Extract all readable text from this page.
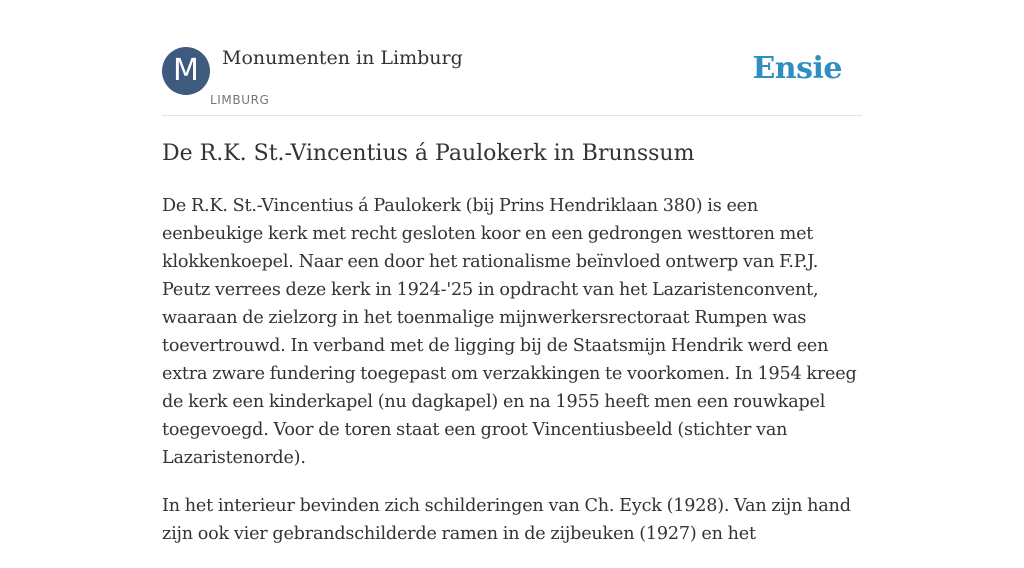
M	Monumenten in Limburg
LIMBURG
Ensie
De R.K. St.-Vincentius á Paulokerk in Brunssum

De R.K. St.-Vincentius á Paulokerk (bij Prins Hendriklaan 380) is een eenbeukige kerk met recht gesloten koor en een gedrongen westtoren met klokkenkoepel. Naar een door het rationalisme beïnvloed ontwerp van F.P.J. Peutz verrees deze kerk in 1924-'25 in opdracht van het Lazaristenconvent, waaraan de zielzorg in het toenmalige mijnwerkersrectoraat Rumpen was toevertrouwd. In verband met de ligging bij de Staatsmijn Hendrik werd een extra zware fundering toegepast om verzakkingen te voorkomen. In 1954 kreeg de kerk een kinderkapel (nu dagkapel) en na 1955 heeft men een rouwkapel toegevoegd. Voor de toren staat een groot Vincentiusbeeld (stichter van Lazaristenorde).

In het interieur bevinden zich schilderingen van Ch. Eyck (1928). Van zijn hand zijn ook vier gebrandschilderde ramen in de zijbeuken (1927) en het
